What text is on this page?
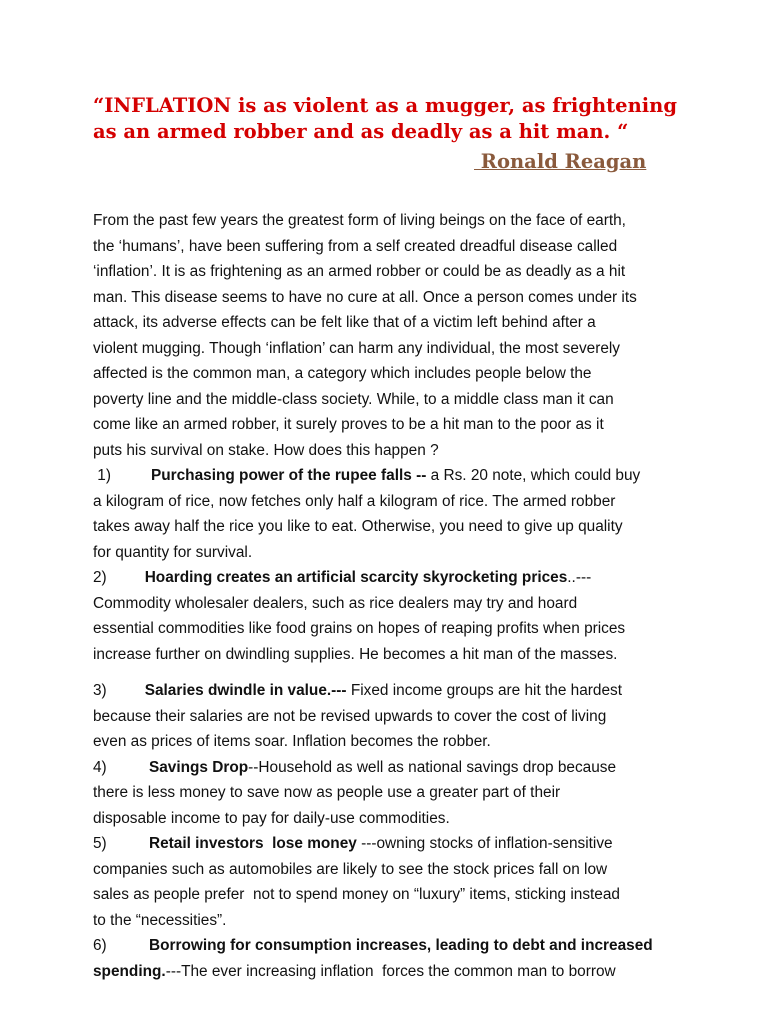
“INFLATION is as violent as a mugger, as frightening
as an armed robber and as deadly as a hit man. “
Ronald Reagan
From the past few years the greatest form of living beings on the face of earth,
the ‘humans’, have been suffering from a self created dreadful disease called
‘inflation’. It is as frightening as an armed robber or could be as deadly as a hit
man. This disease seems to have no cure at all. Once a person comes under its
attack, its adverse effects can be felt like that of a victim left behind after a
violent mugging. Though ‘inflation’ can harm any individual, the most severely
affected is the common man, a category which includes people below the
poverty line and the middle-class society. While, to a middle class man it can
come like an armed robber, it surely proves to be a hit man to the poor as it
puts his survival on stake. How does this happen ?
1)	Purchasing power of the rupee falls -- a Rs. 20 note, which could buy
a kilogram of rice, now fetches only half a kilogram of rice. The armed robber
takes away half the rice you like to eat. Otherwise, you need to give up quality
for quantity for survival.
2) Hoarding creates an artificial scarcity skyrocketing prices..---
Commodity wholesaler dealers, such as rice dealers may try and hoard
essential commodities like food grains on hopes of reaping profits when prices
increase further on dwindling supplies. He becomes a hit man of the masses.
3) Salaries dwindle in value.--- Fixed income groups are hit the hardest
because their salaries are not be revised upwards to cover the cost of living
even as prices of items soar. Inflation becomes the robber.
4) Savings Drop--Household as well as national savings drop because
there is less money to save now as people use a greater part of their
disposable income to pay for daily-use commodities.
5) Retail investors  lose money ---owning stocks of inflation-sensitive
companies such as automobiles are likely to see the stock prices fall on low
sales as people prefer  not to spend money on “luxury” items, sticking instead
to the “necessities”.
6) Borrowing for consumption increases, leading to debt and increased
spending.---The ever increasing inflation  forces the common man to borrow
